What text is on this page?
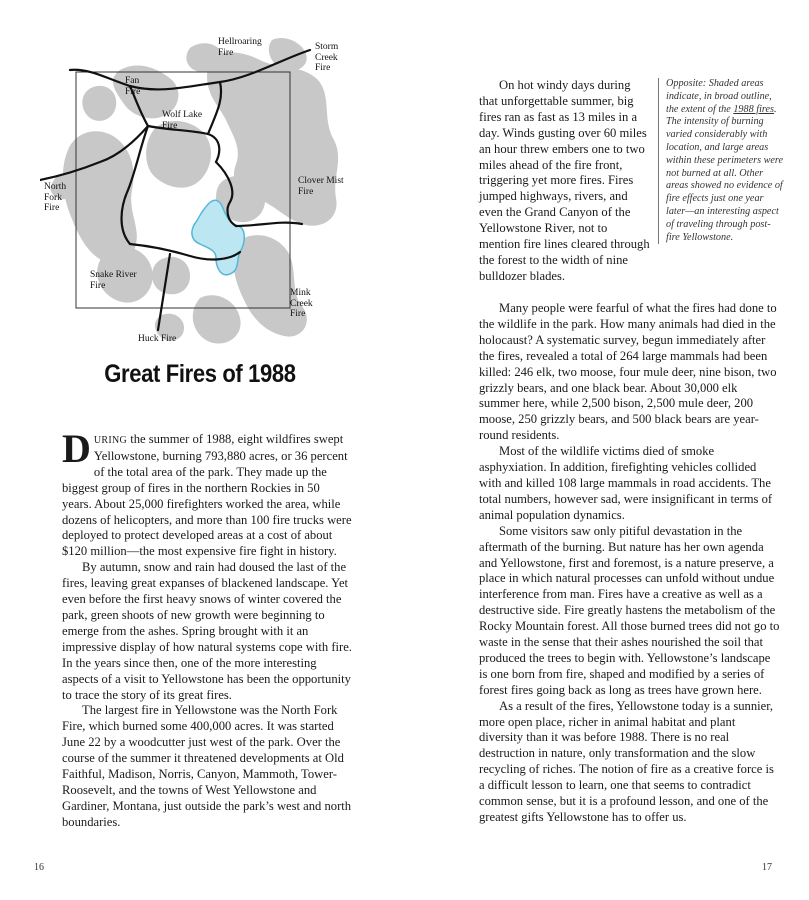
Hellroaring
Fire
Storm
Creek
Fire
Fan
Fire
Wolf Lake
Fire
Clover Mist
Fire
North
Fork
Fire
Snake River
Fire
Mink
Creek
Fire
Huck Fire
Great Fires of 1988

DURING the summer of 1988, eight wildfires swept Yellowstone, burning 793,880 acres, or 36 percent of the total area of the park. They made up the biggest group of fires in the northern Rockies in 50 years. About 25,000 firefighters worked the area, while dozens of helicopters, and more than 100 fire trucks were deployed to protect developed areas at a cost of about $120 million—the most expensive fire fight in history.

By autumn, snow and rain had doused the last of the fires, leaving great expanses of blackened landscape. Yet even before the first heavy snows of winter covered the park, green shoots of new growth were beginning to emerge from the ashes. Spring brought with it an impressive display of how natural systems cope with fire. In the years since then, one of the more interesting aspects of a visit to Yellowstone has been the opportunity to trace the story of its great fires.

The largest fire in Yellowstone was the North Fork Fire, which burned some 400,000 acres. It was started June 22 by a woodcutter just west of the park. Over the course of the summer it threatened developments at Old Faithful, Madison, Norris, Canyon, Mammoth, Tower-Roosevelt, and the towns of West Yellowstone and Gardiner, Montana, just outside the park’s west and north boundaries.

On hot windy days during that unforgettable summer, big fires ran as fast as 13 miles in a day. Winds gusting over 60 miles an hour threw embers one to two miles ahead of the fire front, triggering yet more fires. Fires jumped highways, rivers, and even the Grand Canyon of the Yellowstone River, not to mention fire lines cleared through the forest to the width of nine bulldozer blades.

Opposite: Shaded areas indicate, in broad outline, the extent of the 1988 fires. The intensity of burning varied considerably with location, and large areas within these perimeters were not burned at all. Other areas showed no evidence of fire effects just one year later—an interesting aspect of traveling through post-fire Yellowstone.

Many people were fearful of what the fires had done to the wildlife in the park. How many animals had died in the holocaust? A systematic survey, begun immediately after the fires, revealed a total of 264 large mammals had been killed: 246 elk, two moose, four mule deer, nine bison, two grizzly bears, and one black bear. About 30,000 elk summer here, while 2,500 bison, 2,500 mule deer, 200 moose, 250 grizzly bears, and 500 black bears are year-round residents.

Most of the wildlife victims died of smoke asphyxiation. In addition, firefighting vehicles collided with and killed 108 large mammals in road accidents. The total numbers, however sad, were insignificant in terms of animal population dynamics.

Some visitors saw only pitiful devastation in the aftermath of the burning. But nature has her own agenda and Yellowstone, first and foremost, is a nature preserve, a place in which natural processes can unfold without undue interference from man. Fires have a creative as well as a destructive side. Fire greatly hastens the metabolism of the Rocky Mountain forest. All those burned trees did not go to waste in the sense that their ashes nourished the soil that produced the trees to begin with. Yellowstone’s landscape is one born from fire, shaped and modified by a series of forest fires going back as long as trees have grown here.

As a result of the fires, Yellowstone today is a sunnier, more open place, richer in animal habitat and plant diversity than it was before 1988. There is no real destruction in nature, only transformation and the slow recycling of riches. The notion of fire as a creative force is a difficult lesson to learn, one that seems to contradict common sense, but it is a profound lesson, and one of the greatest gifts Yellowstone has to offer us.

16	17
